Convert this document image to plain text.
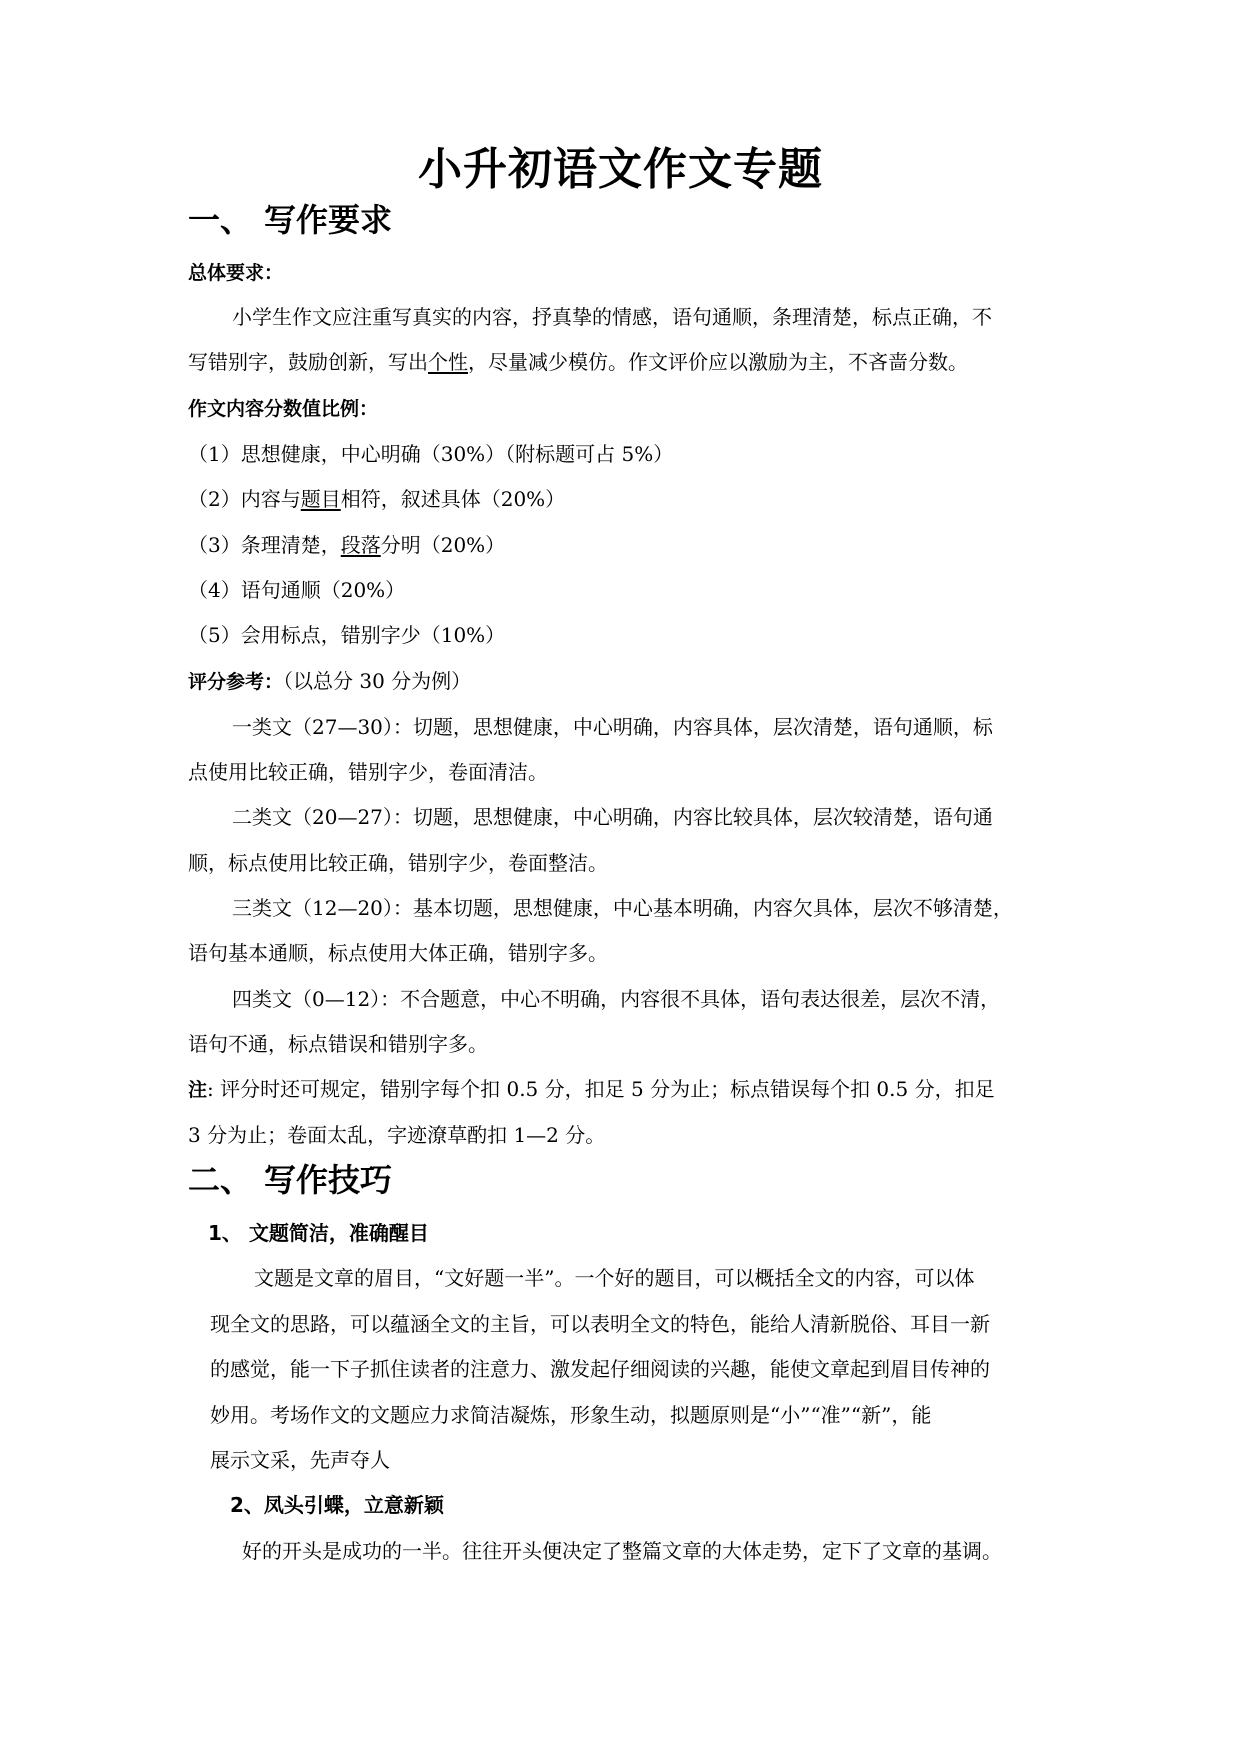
小升初语文作文专题
一、 写作要求
总体要求：
小学生作文应注重写真实的内容，抒真挚的情感，语句通顺，条理清楚，标点正确，不
写错别字，鼓励创新，写出个性，尽量减少模仿。作文评价应以激励为主，不吝啬分数。
作文内容分数值比例：
（1）思想健康，中心明确（30%）（附标题可占 5%）
（2）内容与题目相符，叙述具体（20%）
（3）条理清楚，段落分明（20%）
（4）语句通顺（20%）
（5）会用标点，错别字少（10%）
评分参考：（以总分 30 分为例）
一类文（27—30）：切题，思想健康，中心明确，内容具体，层次清楚，语句通顺，标
点使用比较正确，错别字少，卷面清洁。
二类文（20—27）：切题，思想健康，中心明确，内容比较具体，层次较清楚，语句通
顺，标点使用比较正确，错别字少，卷面整洁。
三类文（12—20）：基本切题，思想健康，中心基本明确，内容欠具体，层次不够清楚，
语句基本通顺，标点使用大体正确，错别字多。
四类文（0—12）：不合题意，中心不明确，内容很不具体，语句表达很差，层次不清，
语句不通，标点错误和错别字多。
注: 评分时还可规定，错别字每个扣 0.5 分，扣足 5 分为止；标点错误每个扣 0.5 分，扣足
3 分为止；卷面太乱，字迹潦草酌扣 1—2 分。
二、 写作技巧
1、 文题简洁，准确醒目
文题是文章的眉目，“文好题一半”。一个好的题目，可以概括全文的内容，可以体
现全文的思路，可以蕴涵全文的主旨，可以表明全文的特色，能给人清新脱俗、耳目一新
的感觉，能一下子抓住读者的注意力、激发起仔细阅读的兴趣，能使文章起到眉目传神的
妙用。考场作文的文题应力求简洁凝炼，形象生动，拟题原则是“小”“准”“新”，能
展示文采，先声夺人
2、凤头引蝶，立意新颖
好的开头是成功的一半。往往开头便决定了整篇文章的大体走势，定下了文章的基调。
